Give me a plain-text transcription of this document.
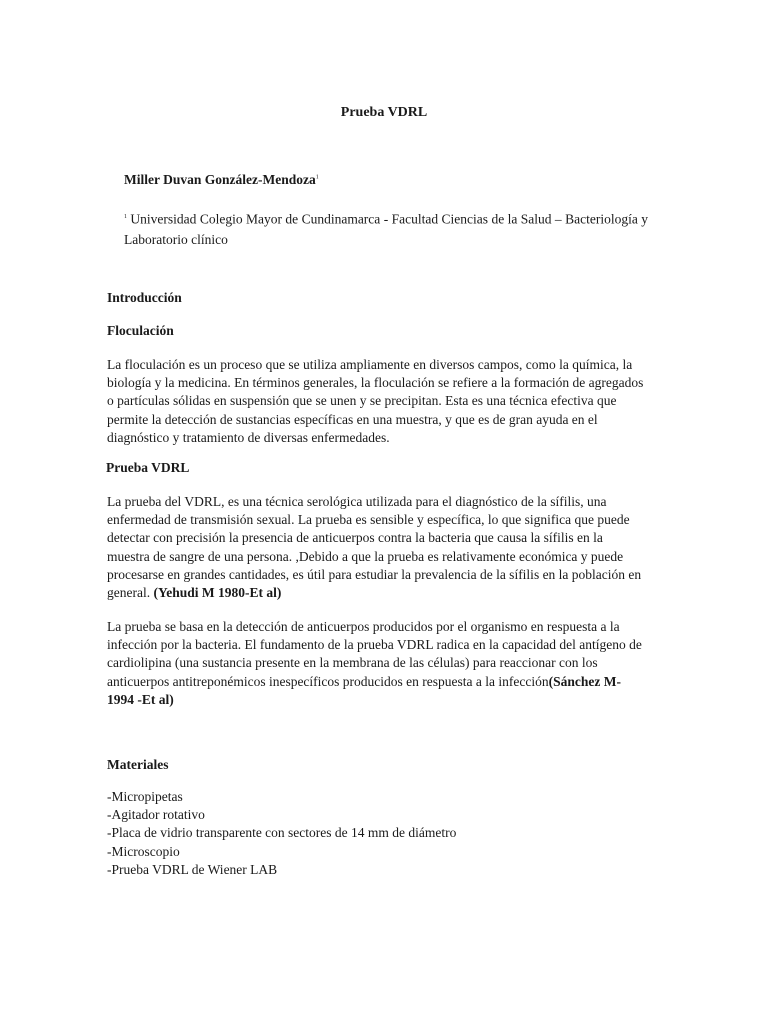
Prueba VDRL
Miller Duvan González-Mendoza$^1$
$^1$ Universidad Colegio Mayor de Cundinamarca - Facultad Ciencias de la Salud – Bacteriología y Laboratorio clínico
Introducción
Floculación
La floculación es un proceso que se utiliza ampliamente en diversos campos, como la química, la biología y la medicina. En términos generales, la floculación se refiere a la formación de agregados o partículas sólidas en suspensión que se unen y se precipitan. Esta es una técnica efectiva que permite la detección de sustancias específicas en una muestra, y que es de gran ayuda en el diagnóstico y tratamiento de diversas enfermedades.
Prueba VDRL
La prueba del VDRL, es una técnica serológica utilizada para el diagnóstico de la sífilis, una enfermedad de transmisión sexual. La prueba es sensible y específica, lo que significa que puede detectar con precisión la presencia de anticuerpos contra la bacteria que causa la sífilis en la muestra de sangre de una persona. ,Debido a que la prueba es relativamente económica y puede procesarse en grandes cantidades, es útil para estudiar la prevalencia de la sífilis en la población en general. (Yehudi M 1980-Et al)
La prueba se basa en la detección de anticuerpos producidos por el organismo en respuesta a la infección por la bacteria. El fundamento de la prueba VDRL radica en la capacidad del antígeno de cardiolipina (una sustancia presente en la membrana de las células) para reaccionar con los anticuerpos antitreponémicos inespecíficos producidos en respuesta a la infección(Sánchez M-1994 -Et al)
Materiales
-Micropipetas
-Agitador rotativo
-Placa de vidrio transparente con sectores de 14 mm de diámetro
-Microscopio
-Prueba VDRL de Wiener LAB
